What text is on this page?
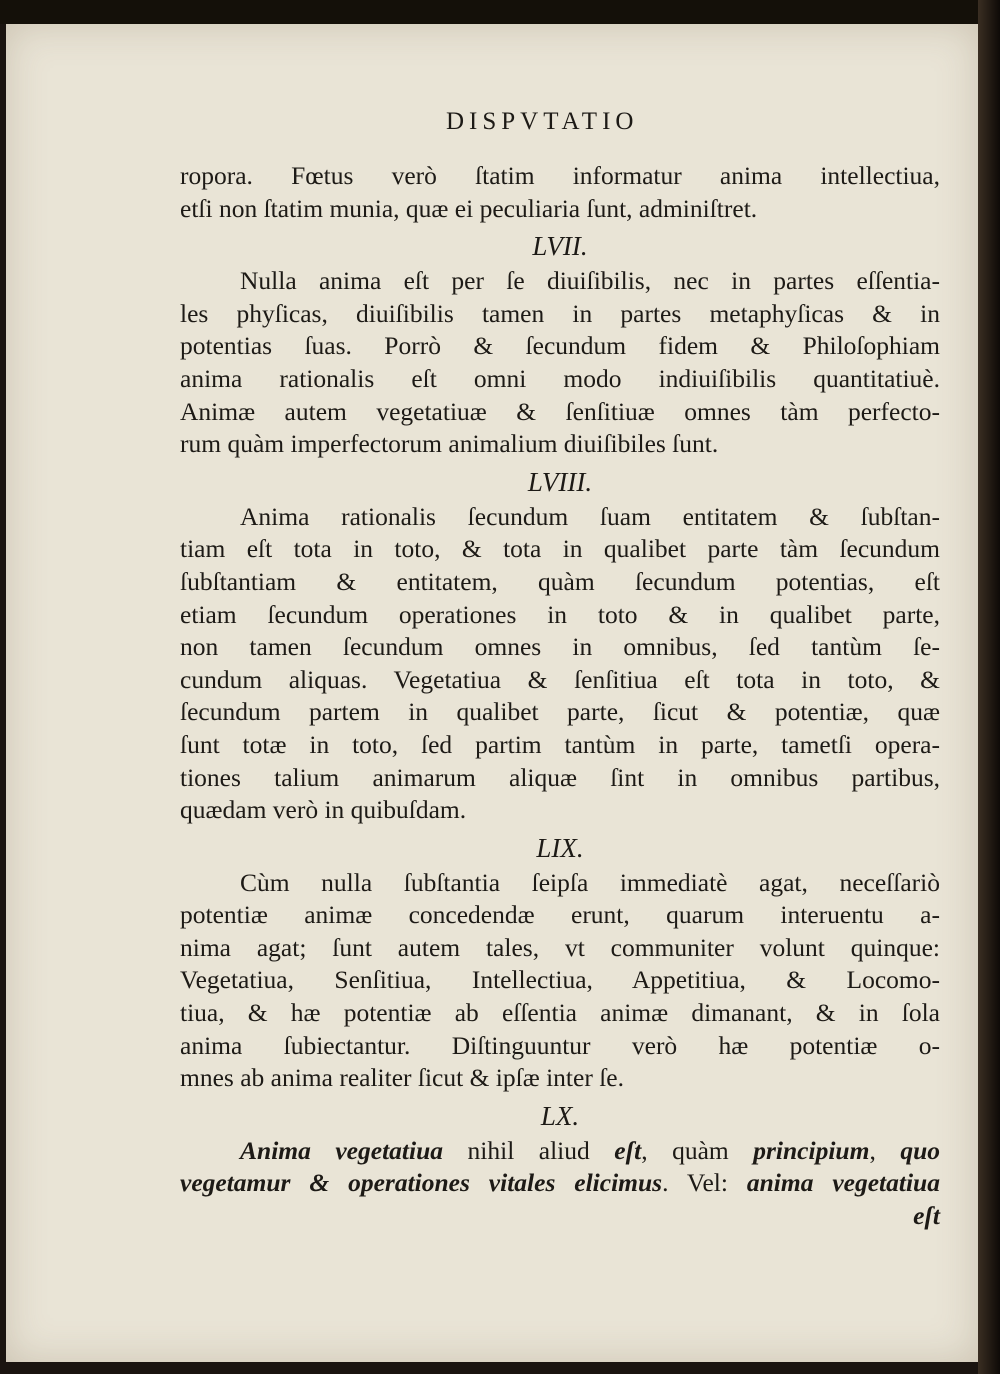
DISPVTATIO
ropora. Fœtus verò ſtatim informatur anima intellectiua,
etſi non ſtatim munia, quæ ei peculiaria ſunt, adminiſtret.
LVII.
Nulla anima eſt per ſe diuiſibilis, nec in partes eſſentia-
les phyſicas, diuiſibilis tamen in partes metaphyſicas & in
potentias ſuas. Porrò & ſecundum fidem & Philoſophiam
anima rationalis eſt omni modo indiuiſibilis quantitatiuè.
Animæ autem vegetatiuæ & ſenſitiuæ omnes tàm perfecto-
rum quàm imperfectorum animalium diuiſibiles ſunt.
LVIII.
Anima rationalis ſecundum ſuam entitatem & ſubſtan-
tiam eſt tota in toto, & tota in qualibet parte tàm ſecundum
ſubſtantiam & entitatem, quàm ſecundum potentias, eſt
etiam ſecundum operationes in toto & in qualibet parte,
non tamen ſecundum omnes in omnibus, ſed tantùm ſe-
cundum aliquas. Vegetatiua & ſenſitiua eſt tota in toto, &
ſecundum partem in qualibet parte, ſicut & potentiæ, quæ
ſunt totæ in toto, ſed partim tantùm in parte, tametſi opera-
tiones talium animarum aliquæ ſint in omnibus partibus,
quædam verò in quibuſdam.
LIX.
Cùm nulla ſubſtantia ſeipſa immediatè agat, neceſſariò
potentiæ animæ concedendæ erunt, quarum interuentu a-
nima agat; ſunt autem tales, vt communiter volunt quinque:
Vegetatiua, Senſitiua, Intellectiua, Appetitiua, & Locomo-
tiua, & hæ potentiæ ab eſſentia animæ dimanant, & in ſola
anima ſubiectantur. Diſtinguuntur verò hæ potentiæ o-
mnes ab anima realiter ſicut & ipſæ inter ſe.
LX.
Anima vegetatiua nihil aliud eſt, quàm principium, quo
vegetamur & operationes vitales elicimus. Vel: anima vegetatiua
eſt
